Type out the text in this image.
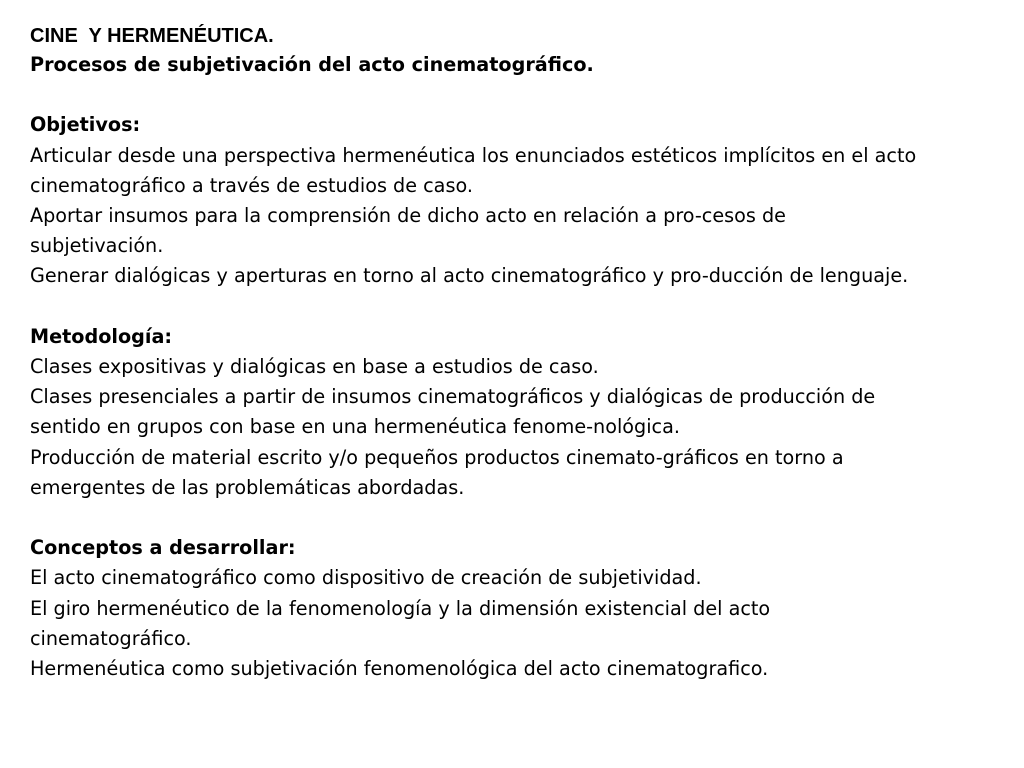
CINE  Y HERMENÉUTICA.
Procesos de subjetivación del acto cinematográfico.
Objetivos:
Articular desde una perspectiva hermenéutica los enunciados estéticos implícitos en el acto
cinematográfico a través de estudios de caso.
Aportar insumos para la comprensión de dicho acto en relación a pro-cesos de
subjetivación.
Generar dialógicas y aperturas en torno al acto cinematográfico y pro-ducción de lenguaje.
Metodología:
Clases expositivas y dialógicas en base a estudios de caso.
Clases presenciales a partir de insumos cinematográficos y dialógicas de producción de
sentido en grupos con base en una hermenéutica fenome-nológica.
Producción de material escrito y/o pequeños productos cinemato-gráficos en torno a
emergentes de las problemáticas abordadas.
Conceptos a desarrollar:
El acto cinematográfico como dispositivo de creación de subjetividad.
El giro hermenéutico de la fenomenología y la dimensión existencial del acto
cinematográfico.
Hermenéutica como subjetivación fenomenológica del acto cinematografico.
